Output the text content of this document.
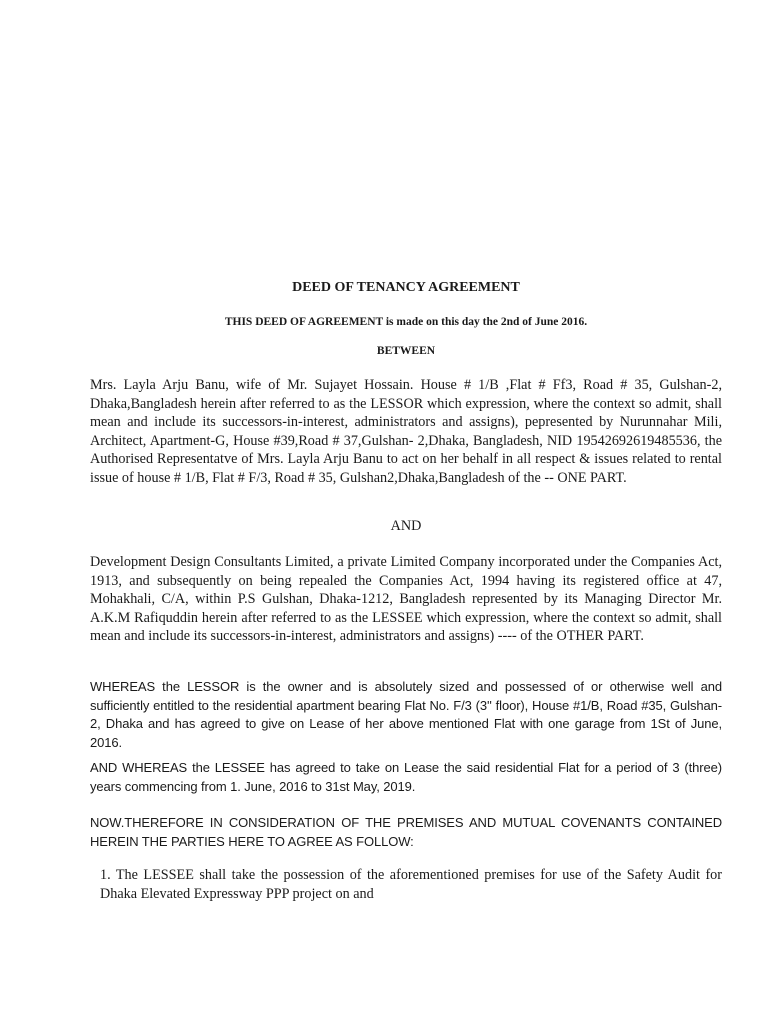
DEED OF TENANCY AGREEMENT
THIS DEED OF AGREEMENT is made on this day the 2nd of June 2016.
BETWEEN
Mrs. Layla Arju Banu, wife of Mr. Sujayet Hossain. House # 1/B ,Flat # Ff3, Road # 35, Gulshan-2, Dhaka,Bangladesh herein after referred to as the LESSOR which expression, where the context so admit, shall mean and include its successors-in-interest, administrators and assigns), pepresented by Nurunnahar Mili, Architect, Apartment-G, House #39,Road # 37,Gulshan- 2,Dhaka, Bangladesh, NID 19542692619485536, the Authorised Representatve of Mrs. Layla Arju Banu to act on her behalf in all respect & issues related to rental issue of house # 1/B, Flat # F/3, Road # 35, Gulshan2,Dhaka,Bangladesh of the -- ONE PART.
AND
Development Design Consultants Limited, a private Limited Company incorporated under the Companies Act, 1913, and subsequently on being repealed the Companies Act, 1994 having its registered office at 47, Mohakhali, C/A, within P.S Gulshan, Dhaka-1212, Bangladesh represented by its Managing Director Mr. A.K.M Rafiquddin herein after referred to as the LESSEE which expression, where the context so admit, shall mean and include its successors-in-interest, administrators and assigns) ---- of the OTHER PART.
WHEREAS the LESSOR is the owner and is absolutely sized and possessed of or otherwise well and sufficiently entitled to the residential apartment bearing Flat No. F/3 (3'' floor), House #1/B, Road #35, Gulshan-2, Dhaka and has agreed to give on Lease of her above mentioned Flat with one garage from 1St of June, 2016.
AND WHEREAS the LESSEE has agreed to take on Lease the said residential Flat for a period of 3 (three) years commencing from 1. June, 2016 to 31st May, 2019.
NOW.THEREFORE IN CONSIDERATION OF THE PREMISES AND MUTUAL COVENANTS CONTAINED HEREIN THE PARTIES HERE TO AGREE AS FOLLOW:
1. The LESSEE shall take the possession of the aforementioned premises for use of the Safety Audit for Dhaka Elevated Expressway PPP project on and
